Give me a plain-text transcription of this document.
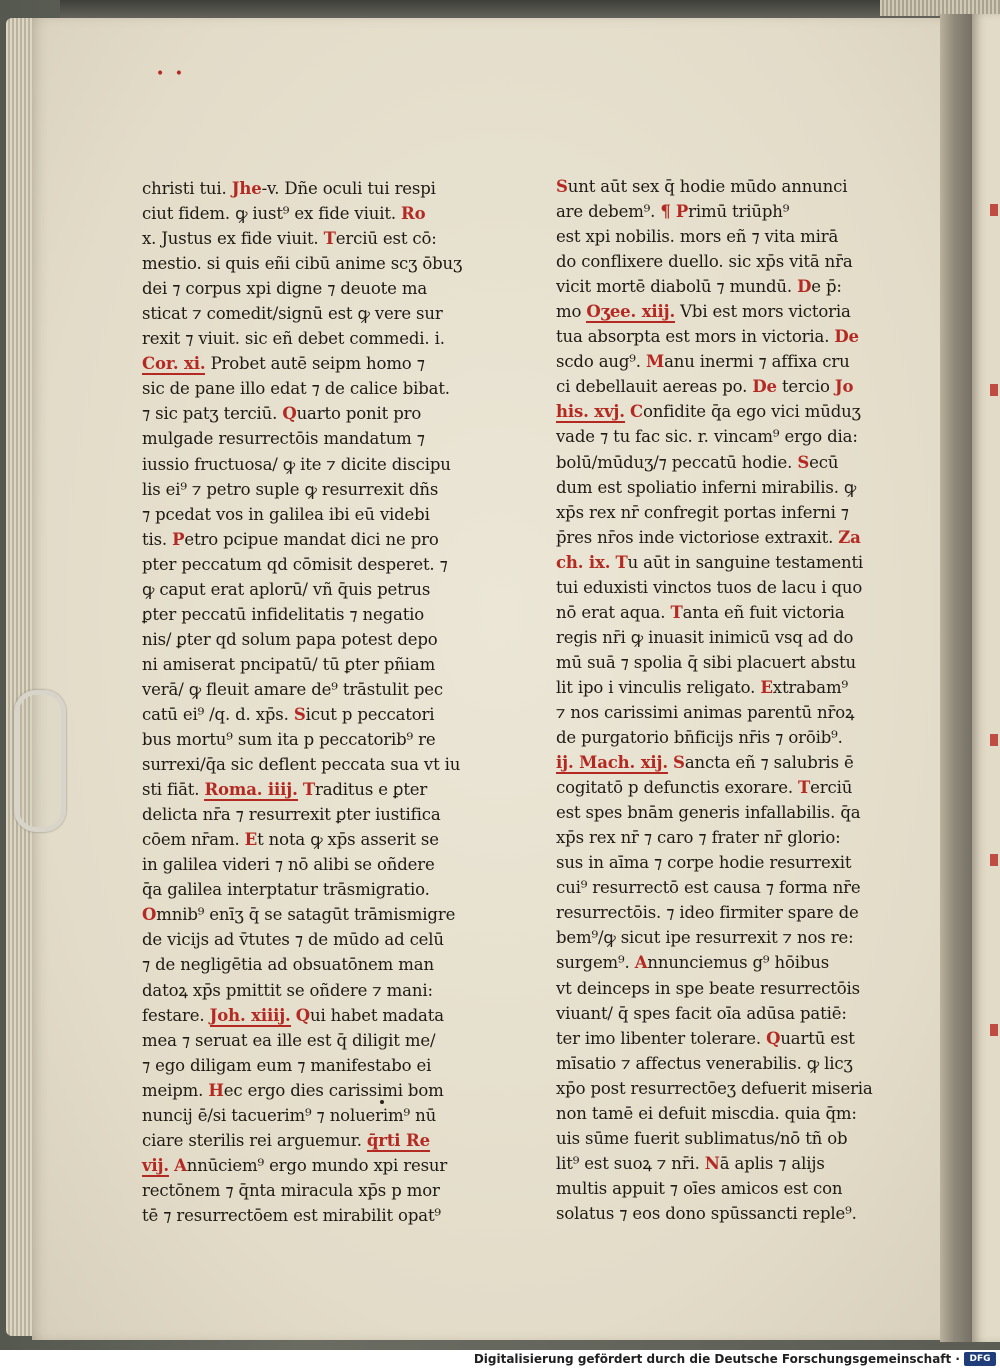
• •
christi tui. Jhe-v. Dñe oculi tui respi
ciut fidem. ꝙ iust⁹ ex fide viuit. Ro
x. Justus ex fide viuit. Terciū est cō:
mestio. si quis eñi cibū anime scʒ ōbuʒ
dei ⁊ corpus xpi digne ⁊ deuote ma
sticat ⁊ comedit/signū est ꝙ vere sur
rexit ⁊ viuit. sic eñ debet commedi. i.
Cor. xi. Probet autē seipm homo ⁊
sic de pane illo edat ⁊ de calice bibat.
⁊ sic patʒ terciū. Quarto ponit pro
mulgade resurrectōis mandatum ⁊
iussio fructuosa/ ꝙ ite ⁊ dicite discipu
lis ei⁹ ⁊ petro suple ꝙ resurrexit dñs
⁊ pcedat vos in galilea ibi eū videbi
tis. Petro pcipue mandat dici ne pro
pter peccatum qd cōmisit desperet. ⁊
ꝙ caput erat aplorū/ vñ q̄uis petrus
ꝑter peccatū infidelitatis ⁊ negatio
nis/ ꝑter qd solum papa potest depo
ni amiserat pncipatū/ tū ꝑter pñiam
verā/ ꝙ fleuit amare de⁹ trāstulit pec
catū ei⁹ /q. d. xp̄s. Sicut p peccatori
bus mortu⁹ sum ita p peccatorib⁹ re
surrexi/q̄a sic deflent peccata sua vt iu
sti fiāt. Roma. iiij. Traditus e ꝑter
delicta nr̄a ⁊ resurrexit ꝑter iustifica
cōem nr̄am. Et nota ꝙ xp̄s asserit se
in galilea videri ⁊ nō alibi se oñdere
q̄a galilea interptatur trāsmigratio.
Omnib⁹ enīʒ q̄ se satagūt trāmismigre
de vicijs ad v̄tutes ⁊ de mūdo ad celū
⁊ de negligētia ad obsuatōnem man
datoꝝ xp̄s pmittit se oñdere ⁊ mani:
festare. Joh. xiiij. Qui habet madata
mea ⁊ seruat ea ille est q̄ diligit me/
⁊ ego diligam eum ⁊ manifestabo ei
meipm. Hec ergo dies carissimi bom
nuncij ē/si tacuerim⁹ ⁊ noluerim⁹ nū
ciare sterilis rei arguemur. q̄rti Re
vij. Annūciem⁹ ergo mundo xpi resur
rectōnem ⁊ q̄nta miracula xp̄s p mor
tē ⁊ resurrectōem est mirabilit opat⁹
Sunt aūt sex q̄ hodie mūdo annunci
are debem⁹. ¶ Primū triūph⁹
est xpi nobilis. mors eñ ⁊ vita mirā
do conflixere duello. sic xp̄s vitā nr̄a
vicit mortē diabolū ⁊ mundū. De p̄:
mo Oʒee. xiij. Vbi est mors victoria
tua absorpta est mors in victoria. De
scdo aug⁹. Manu inermi ⁊ affixa cru
ci debellauit aereas po. De tercio Jo
his. xvj. Confidite q̄a ego vici mūduʒ
vade ⁊ tu fac sic. r. vincam⁹ ergo dia:
bolū/mūduʒ/⁊ peccatū hodie. Secū
dum est spoliatio inferni mirabilis. ꝙ
xp̄s rex nr̄ confregit portas inferni ⁊
p̄res nr̄os inde victoriose extraxit. Za
ch. ix. Tu aūt in sanguine testamenti
tui eduxisti vinctos tuos de lacu i quo
nō erat aqua. Tanta eñ fuit victoria
regis nr̄i ꝙ inuasit inimicū vsq ad do
mū suā ⁊ spolia q̄ sibi placuert abstu
lit ipo i vinculis religato. Extrabam⁹
⁊ nos carissimi animas parentū nr̄oꝝ
de purgatorio bn̄ficijs nr̄is ⁊ orōib⁹.
ij. Mach. xij. Sancta eñ ⁊ salubris ē
cogitatō p defunctis exorare. Terciū
est spes bnām generis infallabilis. q̄a
xp̄s rex nr̄ ⁊ caro ⁊ frater nr̄ glorio:
sus in aīma ⁊ corpe hodie resurrexit
cui⁹ resurrectō est causa ⁊ forma nr̄e
resurrectōis. ⁊ ideo firmiter spare de
bem⁹/ꝙ sicut ipe resurrexit ⁊ nos re:
surgem⁹. Annunciemus g⁹ hōibus
vt deinceps in spe beate resurrectōis
viuant/ q̄ spes facit oīa adūsa patiē:
ter imo libenter tolerare. Quartū est
mīsatio ⁊ affectus venerabilis. ꝙ licʒ
xp̄o post resurrectōeʒ defuerit miseria
non tamē ei defuit miscdia. quia q̄m:
uis sūme fuerit sublimatus/nō tñ ob
lit⁹ est suoꝝ ⁊ nr̄i. Nā aplis ⁊ alijs
multis appuit ⁊ oīes amicos est con
solatus ⁊ eos dono spūssancti reple⁹.
Digitalisierung gefördert durch die Deutsche Forschungsgemeinschaft ·	DFG
